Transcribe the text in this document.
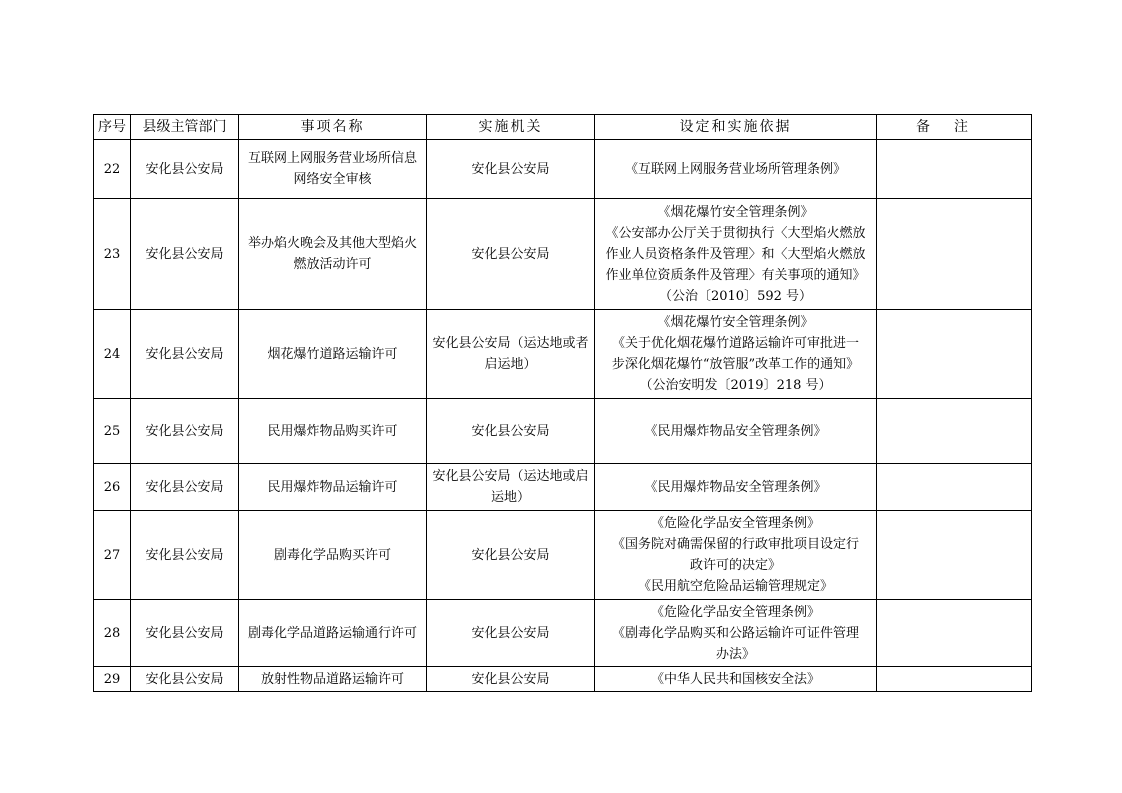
序号	县级主管部门	事项名称	实施机关	设定和实施依据	备注
22	安化县公安局	互联网上网服务营业场所信息
网络安全审核	安化县公安局	《互联网上网服务营业场所管理条例》	
23	安化县公安局	举办焰火晚会及其他大型焰火
燃放活动许可	安化县公安局	《烟花爆竹安全管理条例》
《公安部办公厅关于贯彻执行〈大型焰火燃放
作业人员资格条件及管理〉和〈大型焰火燃放
作业单位资质条件及管理〉有关事项的通知》
（公治〔2010〕592 号）	
24	安化县公安局	烟花爆竹道路运输许可	安化县公安局（运达地或者
启运地）	《烟花爆竹安全管理条例》
《关于优化烟花爆竹道路运输许可审批进一
步深化烟花爆竹“放管服”改革工作的通知》
（公治安明发〔2019〕218 号）	
25	安化县公安局	民用爆炸物品购买许可	安化县公安局	《民用爆炸物品安全管理条例》	
26	安化县公安局	民用爆炸物品运输许可	安化县公安局（运达地或启
运地）	《民用爆炸物品安全管理条例》	
27	安化县公安局	剧毒化学品购买许可	安化县公安局	《危险化学品安全管理条例》
《国务院对确需保留的行政审批项目设定行
政许可的决定》
《民用航空危险品运输管理规定》	
28	安化县公安局	剧毒化学品道路运输通行许可	安化县公安局	《危险化学品安全管理条例》
《剧毒化学品购买和公路运输许可证件管理
办法》	
29	安化县公安局	放射性物品道路运输许可	安化县公安局	《中华人民共和国核安全法》	
